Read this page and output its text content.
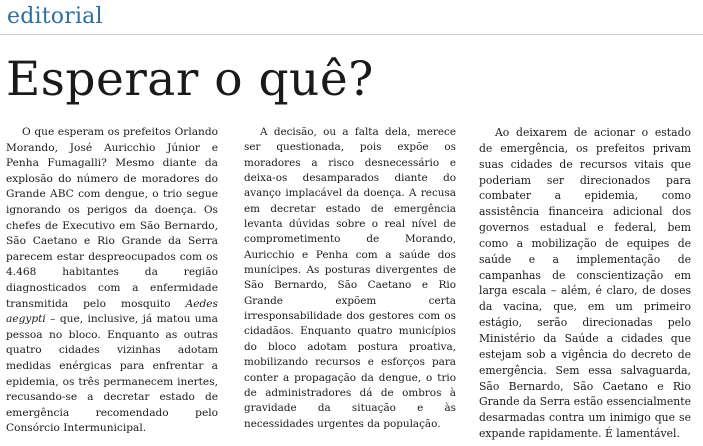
editorial
Esperar o quê?

O que esperam os prefeitos Orlando Morando, José Auricchio Júnior e Penha Fumagalli? Mesmo diante da explosão do número de moradores do Grande ABC com dengue, o trio segue ignorando os perigos da doença. Os chefes de Executivo em São Bernardo, São Caetano e Rio Grande da Serra parecem estar despreocupados com os 4.468 habitantes da região diagnosticados com a enfermidade transmitida pelo mosquito Aedes aegypti – que, inclusive, já matou uma pessoa no bloco. Enquanto as outras quatro cidades vizinhas adotam medidas enérgicas para enfrentar a epidemia, os três permanecem inertes, recusando-se a decretar estado de emergência recomendado pelo Consórcio Intermunicipal.

A decisão, ou a falta dela, merece ser questionada, pois expõe os moradores a risco desnecessário e deixa-os desamparados diante do avanço implacável da doença. A recusa em decretar estado de emergência levanta dúvidas sobre o real nível de comprometimento de Morando, Auricchio e Penha com a saúde dos munícipes. As posturas divergentes de São Bernardo, São Caetano e Rio Grande expõem certa irresponsabilidade dos gestores com os cidadãos. Enquanto quatro municípios do bloco adotam postura proativa, mobilizando recursos e esforços para conter a propagação da dengue, o trio de administradores dá de ombros à gravidade da situação e às necessidades urgentes da população.

Ao deixarem de acionar o estado de emergência, os prefeitos privam suas cidades de recursos vitais que poderiam ser direcionados para combater a epidemia, como assistência financeira adicional dos governos estadual e federal, bem como a mobilização de equipes de saúde e a implementação de campanhas de conscientização em larga escala – além, é claro, de doses da vacina, que, em um primeiro estágio, serão direcionadas pelo Ministério da Saúde a cidades que estejam sob a vigência do decreto de emergência. Sem essa salvaguarda, São Bernardo, São Caetano e Rio Grande da Serra estão essencialmente desarmadas contra um inimigo que se expande rapidamente. É lamentável.
